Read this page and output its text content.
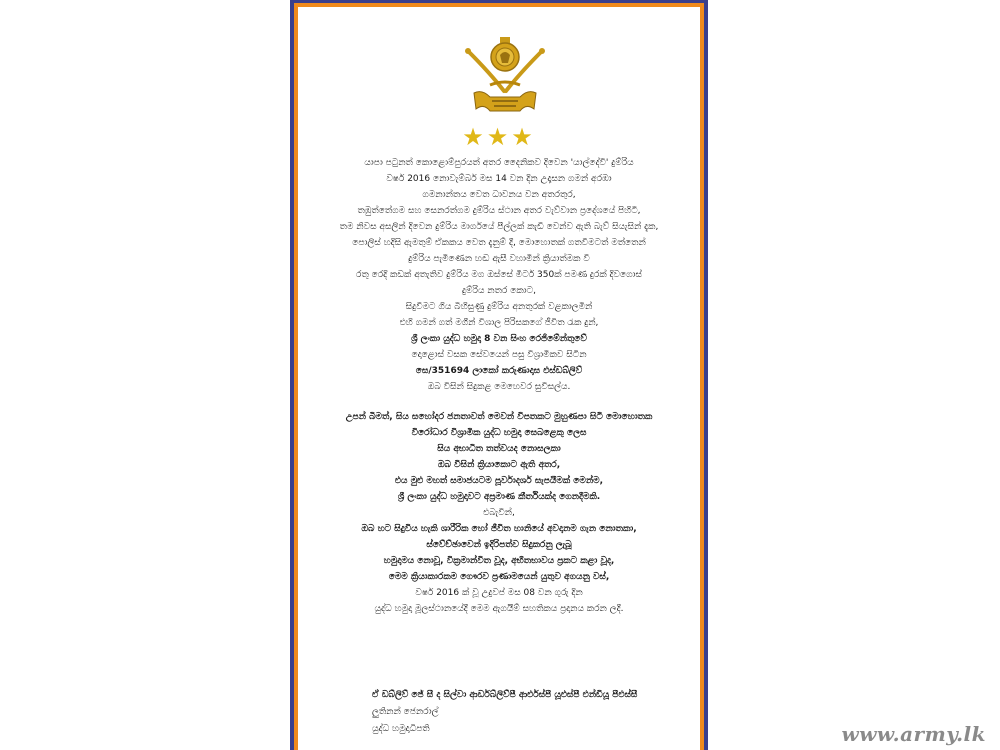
★★★
යාපා පටුනත් කොළොම්පුරයත් අතර දෛනිකව දිවෙන 'යාල්දේවි' දුම්රිය
වර්ෂ 2016 නොවැම්බර් මස 14 වන දින උදෑසන ගමන් අරඹා
ගමනාන්තය වෙත ධාවනය වන අතරතුර,
තඹුත්තේගම සහ සෙනරත්ගම දුම්රිය ස්ථාන අතර වැව්වාන ප්‍රදේශයේ පිහිටි,
තම නිවස අසලින් දිවෙන දුම්රිය මාර්ගයේ පීල්ලක් කැඩී වෙන්ව ඇති බැව් සියැසින් දැක,
පොලිස් හදිසි ඇමතුම් ඒකකය වෙත දැනුම් දී, මොහොතක් ගතවීමටත් මත්තෙන්
දුම්රිය පැමිණෙන හඬ ඇසී වහාමින් ක්‍රියාත්මක වී
රතු රෙදි කඩක් අතැතිව දුම්රිය මග ඔස්සේ මීටර් 350ක් පමණ දුරක් දිවගොස්
දුම්රිය නතර කොට,
සිදුවීමට ගිය බිහිසුණු දුම්රිය අනතුරක් වළකාලමින්
එහි ගමන් ගත් මගීන් විශාල පිරිසකගේ ජීවිත රැක දුන්,
ශ්‍රී ලංකා යුද්ධ හමුදා 8 වන සිංහ රෙජිමේන්තුවේ
දොළොස් වසක සේවයෙන් පසු විශ්‍රාමිකව සිටින
සෙ/351694 ලාකෝ කරුණාදාස එස්ඩබ්ලිව්
ඔබ විසින් සිදුකළ මෙහෙවර සුවිසල්ය.
උපන් බිමත්, සිය සහෝදර ජනතාවත් මෙවන් විපතකට මුහුණපා සිටි මොහොතක
විරෝධාර විශ්‍රාමික යුද්ධ හමුදා සෙබළෙකු ලෙස
සිය අභාධිත තත්වයද නොසලකා
ඔබ විසින් ක්‍රියාකොට ඇති අතර,
එය මුළු මහත් සමාජයටම පූර්වාදර්ශ සැපයීමක් මෙන්ම,
ශ්‍රී ලංකා යුද්ධ හමුදාවට අප්‍රමාණ කීර්තියක්ද ගෙනදීමකි.
එබැවින්,
ඔබ හට සිදුවිය හැකි ශාරීරික හෝ ජීවිත හානියේ අවදානම ගැන නොතකා,
ස්වේච්ඡාවෙන් ඉදිරිපත්ව සිදුකරනු ලැබූ
හමුදාමය නොවූ, වික්‍රමාන්විත වූද, අභීතභාවය ප්‍රකට කළා වූද,
මෙම ක්‍රියාකාරකම ගෞරව ප්‍රණාමයෙන් යුතුව අගයනු වස්,
වර්ෂ 2016 ක් වූ උදුවප් මස 08 වන ගුරු දින
යුද්ධ හමුදා මූලස්ථානයේදී මෙම ඇගයීම් සහතිකය ප්‍රදානය කරන ලදී.
ඒ ඩබ්ලිව් ජේ සී ද සිල්වා ආර්ඩබ්ලිව්පී ආර්එස්පී යූඑස්පී එන්ඩීයූ පීඑස්සී
ලුතිනන් ජෙනරාල්
යුද්ධ හමුදාධිපති	www.army.lk
